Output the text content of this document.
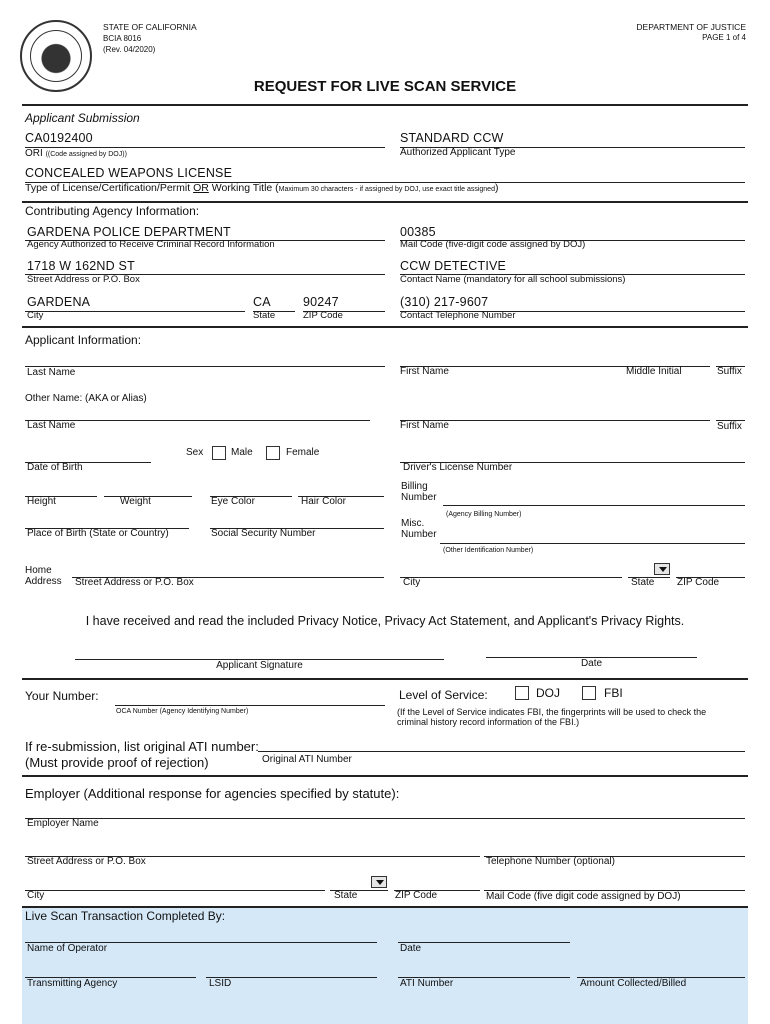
STATE OF CALIFORNIA
BCIA 8016
(Rev. 04/2020)
DEPARTMENT OF JUSTICE
PAGE 1 of 4
REQUEST FOR LIVE SCAN SERVICE
Applicant Submission
CA0192400
ORI ((Code assigned by DOJ))
STANDARD CCW
Authorized Applicant Type
CONCEALED WEAPONS LICENSE
Type of License/Certification/Permit OR Working Title (Maximum 30 characters - if assigned by DOJ, use exact title assigned)
Contributing Agency Information:
GARDENA POLICE DEPARTMENT
Agency Authorized to Receive Criminal Record Information
00385
Mail Code (five-digit code assigned by DOJ)
1718 W 162ND ST
Street Address or P.O. Box
CCW DETECTIVE
Contact Name (mandatory for all school submissions)
GARDENA
City
CA
State
90247
ZIP Code
(310) 217-9607
Contact Telephone Number
Applicant Information:
Last Name	First Name	Middle Initial	Suffix
Other Name: (AKA or Alias)
Last Name	First Name	Suffix
Sex	Male	Female
Date of Birth	Driver's License Number
Billing
Number
(Agency Billing Number)
Height	Weight	Eye Color	Hair Color
Place of Birth (State or Country)	Social Security Number
Misc.
Number
(Other Identification Number)
Home
Address Street Address or P.O. Box	City	State ZIP Code
I have received and read the included Privacy Notice, Privacy Act Statement, and Applicant's Privacy Rights.
Applicant Signature	Date
Your Number:
OCA Number (Agency Identifying Number)
Level of Service:	DOJ	FBI
(If the Level of Service indicates FBI, the fingerprints will be used to check the
criminal history record information of the FBI.)
If re-submission, list original ATI number:
(Must provide proof of rejection)	Original ATI Number
Employer (Additional response for agencies specified by statute):
Employer Name
Street Address or P.O. Box	Telephone Number (optional)
City	State	ZIP Code	Mail Code (five digit code assigned by DOJ)
Live Scan Transaction Completed By:
Name of Operator	Date
Transmitting Agency	LSID	ATI Number	Amount Collected/Billed
